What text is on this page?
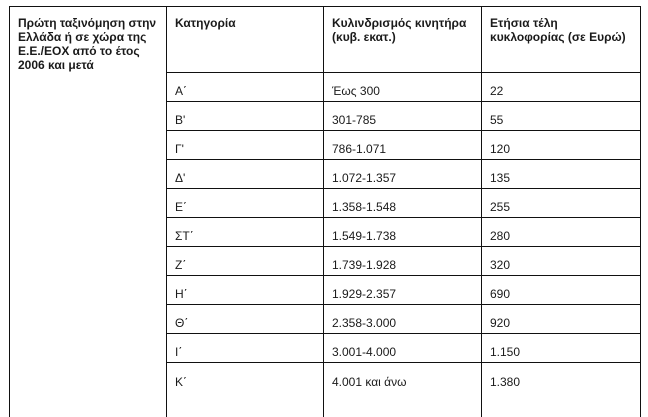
Πρώτη ταξινόμηση στην Ελλάδα ή σε χώρα της Ε.Ε./ΕΟΧ από το έτος 2006 και μετά	Κατηγορία	Κυλινδρισμός κινητήρα (κυβ. εκατ.)	Ετήσια τέλη κυκλοφορίας (σε Ευρώ)
	Α΄	Έως 300	22
	Β'	301-785	55
	Γ'	786-1.071	120
	Δ'	1.072-1.357	135
	Ε΄	1.358-1.548	255
	ΣΤ΄	1.549-1.738	280
	Ζ΄	1.739-1.928	320
	Η΄	1.929-2.357	690
	Θ΄	2.358-3.000	920
	Ι΄	3.001-4.000	1.150
	Κ΄	4.001 και άνω	1.380
